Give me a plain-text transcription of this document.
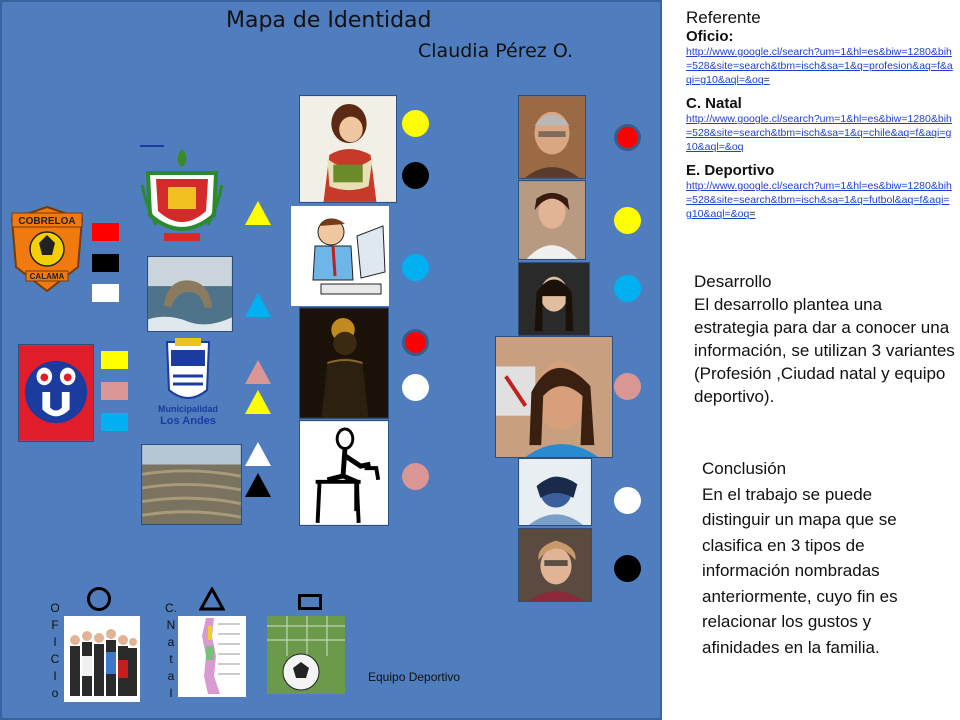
Mapa de Identidad
Claudia Pérez O.
COBRELOA
CALAMA
Municipalidad
Los Andes
O
F
I
C
I
o
C.
N
a
t
a
l
Equipo Deportivo
Referente
Oficio:
http://www.google.cl/search?um=1&hl=es&biw=1280&bih=528&site=search&tbm=isch&sa=1&q=profesion&aq=f&aqi=g10&aql=&oq=
C. Natal
http://www.google.cl/search?um=1&hl=es&biw=1280&bih=528&site=search&tbm=isch&sa=1&q=chile&aq=f&aqi=g10&aql=&oq
E. Deportivo
http://www.google.cl/search?um=1&hl=es&biw=1280&bih=528&site=search&tbm=isch&sa=1&q=futbol&aq=f&aqi=g10&aql=&oq=
Desarrollo
El desarrollo plantea una estrategia para dar a conocer una información, se utilizan 3 variantes (Profesión ,Ciudad natal y equipo deportivo).
Conclusión
En el trabajo se puede distinguir un mapa que se clasifica en 3 tipos de información nombradas anteriormente, cuyo fin es relacionar los gustos y afinidades en la familia.
